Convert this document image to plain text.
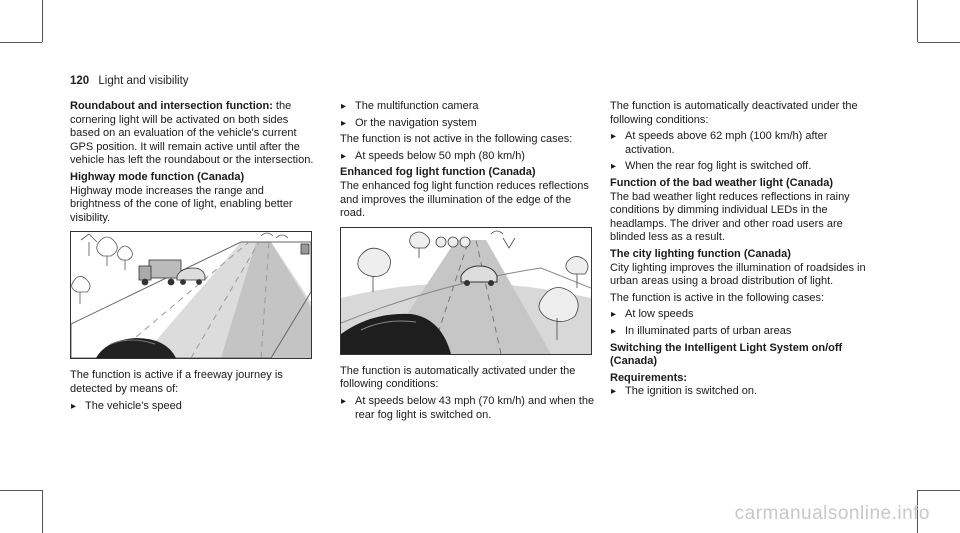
120 Light and visibility

Roundabout and intersection function: the cornering light will be activated on both sides based on an evaluation of the vehicle's current GPS position. It will remain active until after the vehicle has left the roundabout or the intersection.

Highway mode function (Canada)

Highway mode increases the range and brightness of the cone of light, enabling better visibility.

The function is active if a freeway journey is detected by means of:

▸ The vehicle's speed
▸ The multifunction camera
▸ Or the navigation system

The function is not active in the following cases:

▸ At speeds below 50 mph (80 km/h)

Enhanced fog light function (Canada)

The enhanced fog light function reduces reflections and improves the illumination of the edge of the road.

The function is automatically activated under the following conditions:

▸ At speeds below 43 mph (70 km/h) and when the rear fog light is switched on.

The function is automatically deactivated under the following conditions:

▸ At speeds above 62 mph (100 km/h) after activation.
▸ When the rear fog light is switched off.

Function of the bad weather light (Canada)

The bad weather light reduces reflections in rainy conditions by dimming individual LEDs in the headlamps. The driver and other road users are blinded less as a result.

The city lighting function (Canada)

City lighting improves the illumination of roadsides in urban areas using a broad distribution of light.

The function is active in the following cases:

▸ At low speeds
▸ In illuminated parts of urban areas

Switching the Intelligent Light System on/off (Canada)

Requirements:

▸ The ignition is switched on.
carmanualsonline.info
